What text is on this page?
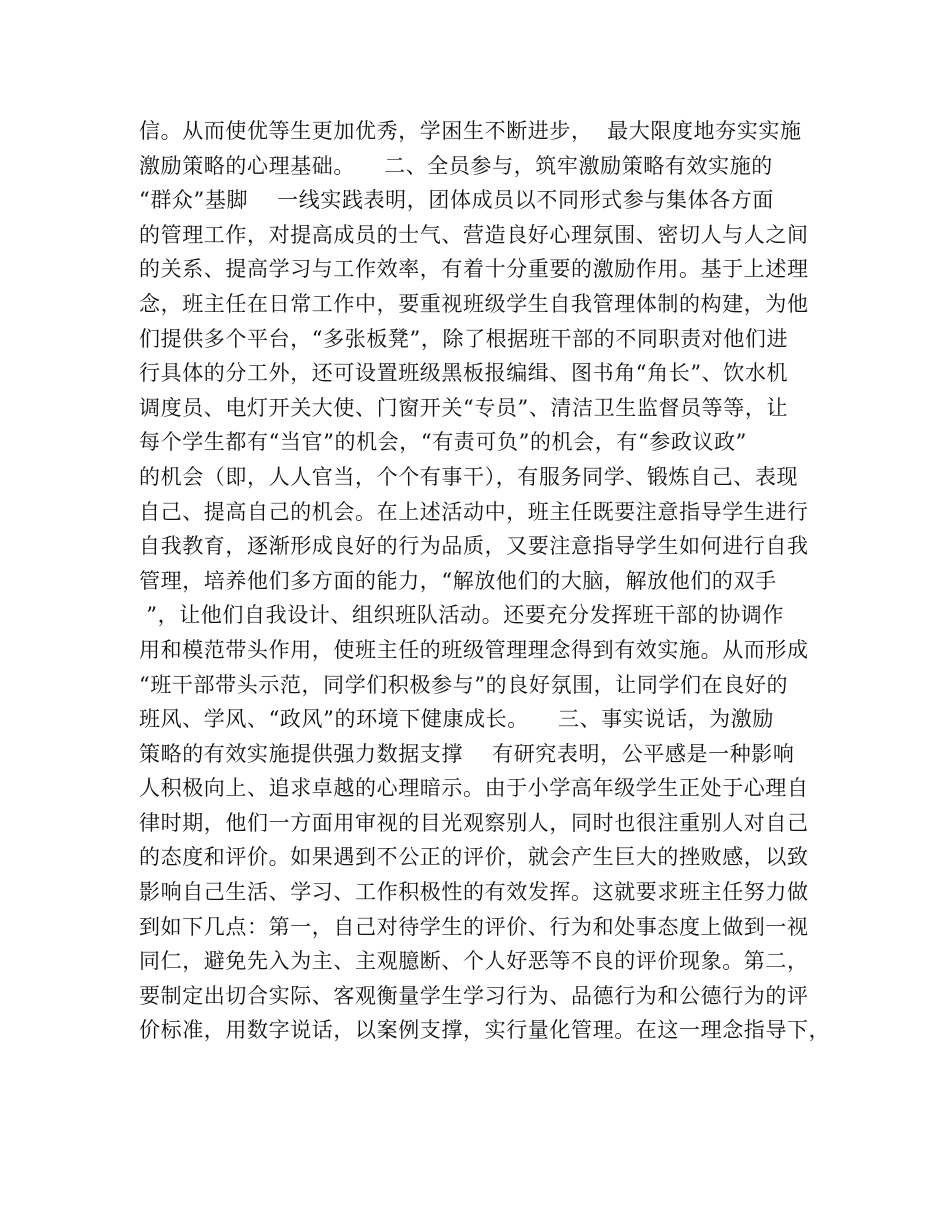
信。从而使优等生更加优秀，学困生不断进步，  最大限度地夯实实施
激励策略的心理基础。    二、全员参与，筑牢激励策略有效实施的
“群众”基脚    一线实践表明，团体成员以不同形式参与集体各方面
的管理工作，对提高成员的士气、营造良好心理氛围、密切人与人之间
的关系、提高学习与工作效率，有着十分重要的激励作用。基于上述理
念，班主任在日常工作中，要重视班级学生自我管理体制的构建，为他
们提供多个平台，“多张板凳”，除了根据班干部的不同职责对他们进
行具体的分工外，还可设置班级黑板报编缉、图书角“角长”、饮水机
调度员、电灯开关大使、门窗开关“专员”、清洁卫生监督员等等，让
每个学生都有“当官”的机会，“有责可负”的机会，有“参政议政”
的机会（即，人人官当，个个有事干），有服务同学、锻炼自己、表现
自己、提高自己的机会。在上述活动中，班主任既要注意指导学生进行
自我教育，逐渐形成良好的行为品质，又要注意指导学生如何进行自我
管理，培养他们多方面的能力，“解放他们的大脑，解放他们的双手
”，让他们自我设计、组织班队活动。还要充分发挥班干部的协调作
用和模范带头作用，使班主任的班级管理理念得到有效实施。从而形成
“班干部带头示范，同学们积极参与”的良好氛围，让同学们在良好的
班风、学风、“政风”的环境下健康成长。    三、事实说话，为激励
策略的有效实施提供强力数据支撑    有研究表明，公平感是一种影响
人积极向上、追求卓越的心理暗示。由于小学高年级学生正处于心理自
律时期，他们一方面用审视的目光观察别人，同时也很注重别人对自己
的态度和评价。如果遇到不公正的评价，就会产生巨大的挫败感，以致
影响自己生活、学习、工作积极性的有效发挥。这就要求班主任努力做
到如下几点：第一，自己对待学生的评价、行为和处事态度上做到一视
同仁，避免先入为主、主观臆断、个人好恶等不良的评价现象。第二，
要制定出切合实际、客观衡量学生学习行为、品德行为和公德行为的评
价标准，用数字说话，以案例支撑，实行量化管理。在这一理念指导下，
